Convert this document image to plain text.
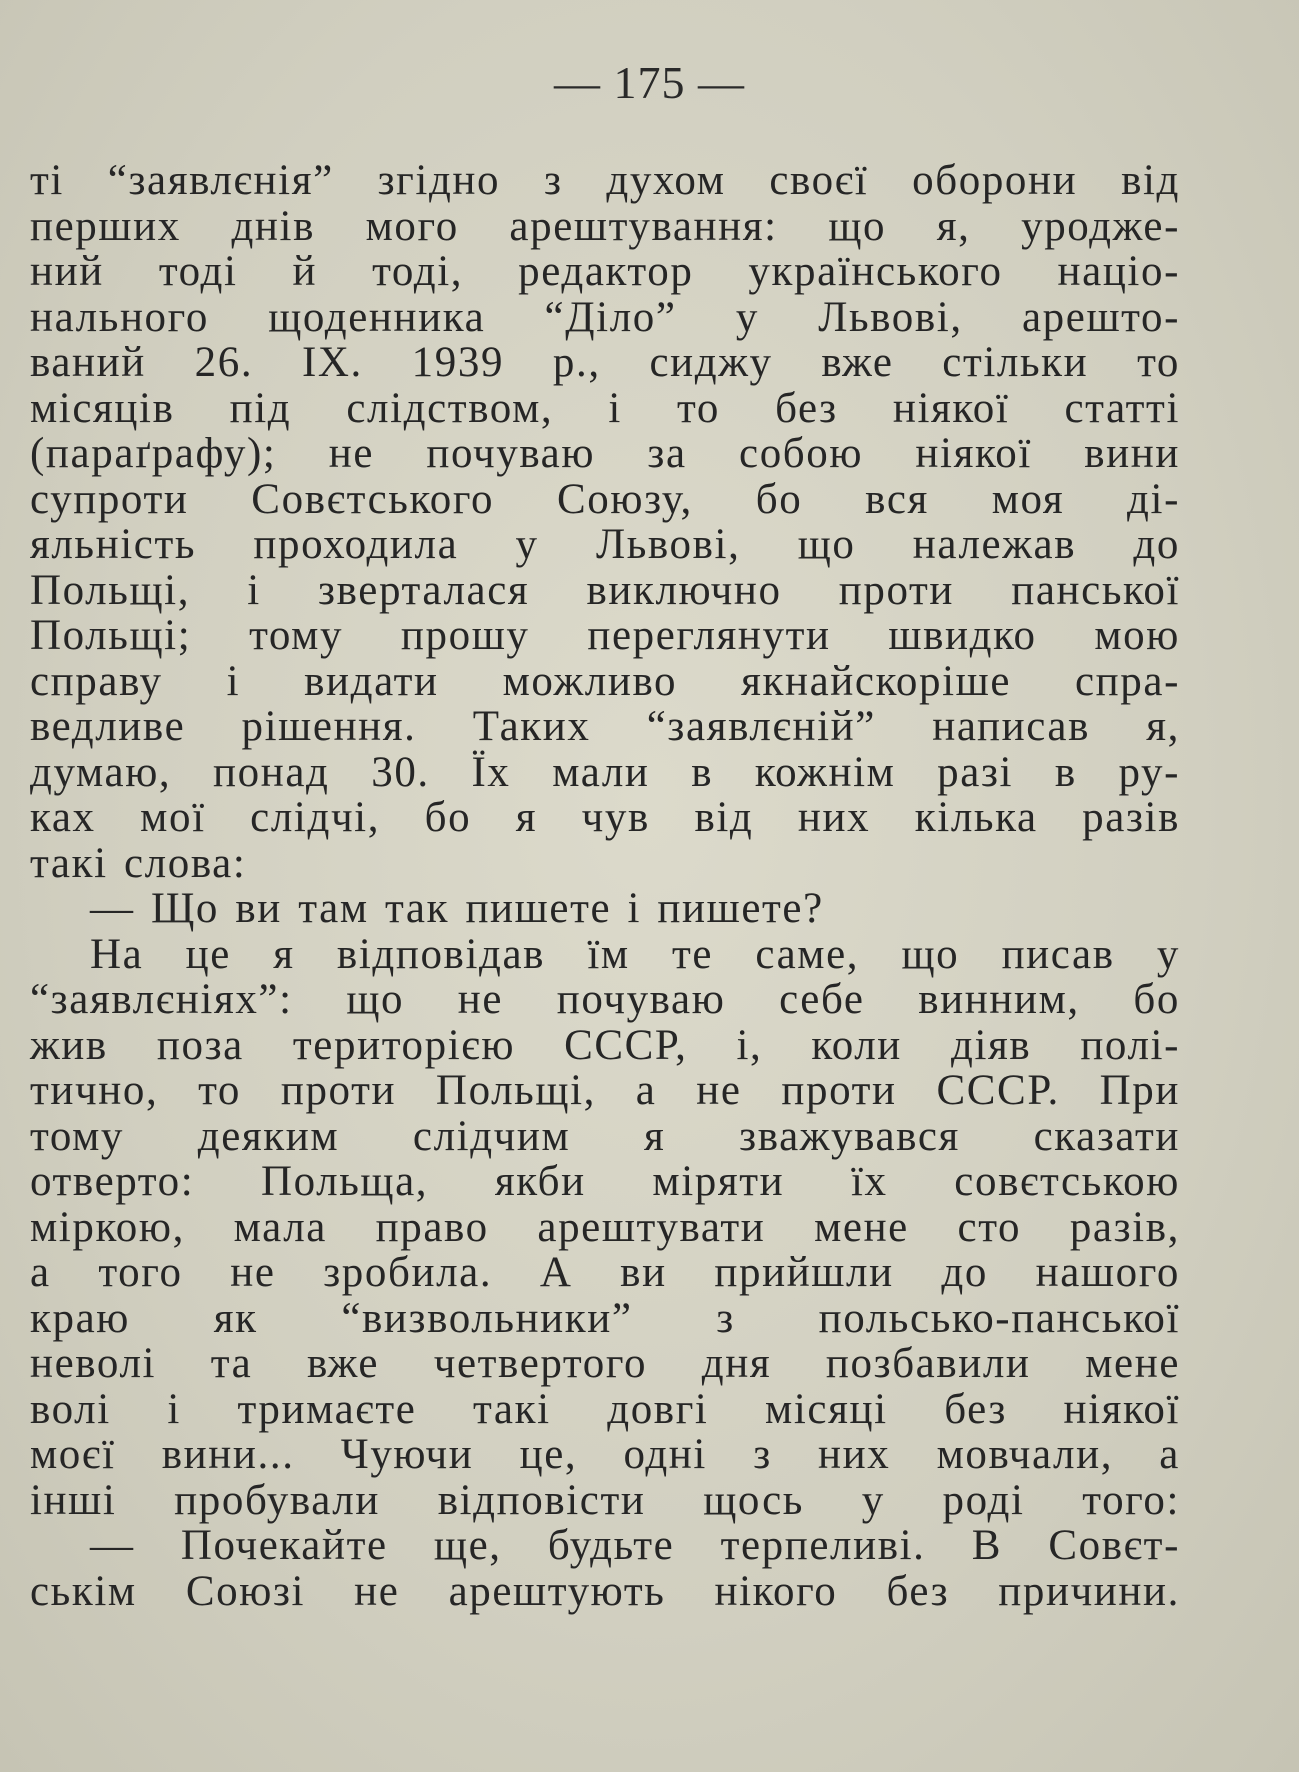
— 175 —
ті “заявлєнія” згідно з духом своєї оборони від
перших днів мого арештування: що я, уродже-
ний тоді й тоді, редактор українського націо-
нального щоденника “Діло” у Львові, арешто-
ваний 26. IX. 1939 р., сиджу вже стільки то
місяців під слідством, і то без ніякої статті
(параґрафу); не почуваю за собою ніякої вини
супроти Совєтського Союзу, бо вся моя ді-
яльність проходила у Львові, що належав до
Польщі, і зверталася виключно проти панської
Польщі; тому прошу переглянути швидко мою
справу і видати можливо якнайскоріше спра-
ведливе рішення. Таких “заявлєній” написав я,
думаю, понад 30. Їх мали в кожнім разі в ру-
ках мої слідчі, бо я чув від них кілька разів
такі слова:
— Що ви там так пишете і пишете?
На це я відповідав їм те саме, що писав у
“заявлєніях”: що не почуваю себе винним, бо
жив поза територією СССР, і, коли діяв полі-
тично, то проти Польщі, а не проти СССР. При
тому деяким слідчим я зважувався сказати
отверто: Польща, якби міряти їх совєтською
міркою, мала право арештувати мене сто разів,
а того не зробила. А ви прийшли до нашого
краю як “визвольники” з польсько-панської
неволі та вже четвертого дня позбавили мене
волі і тримаєте такі довгі місяці без ніякої
моєї вини... Чуючи це, одні з них мовчали, а
інші пробували відповісти щось у роді того:
— Почекайте ще, будьте терпеливі. В Совєт-
ськім Союзі не арештують нікого без причини.
